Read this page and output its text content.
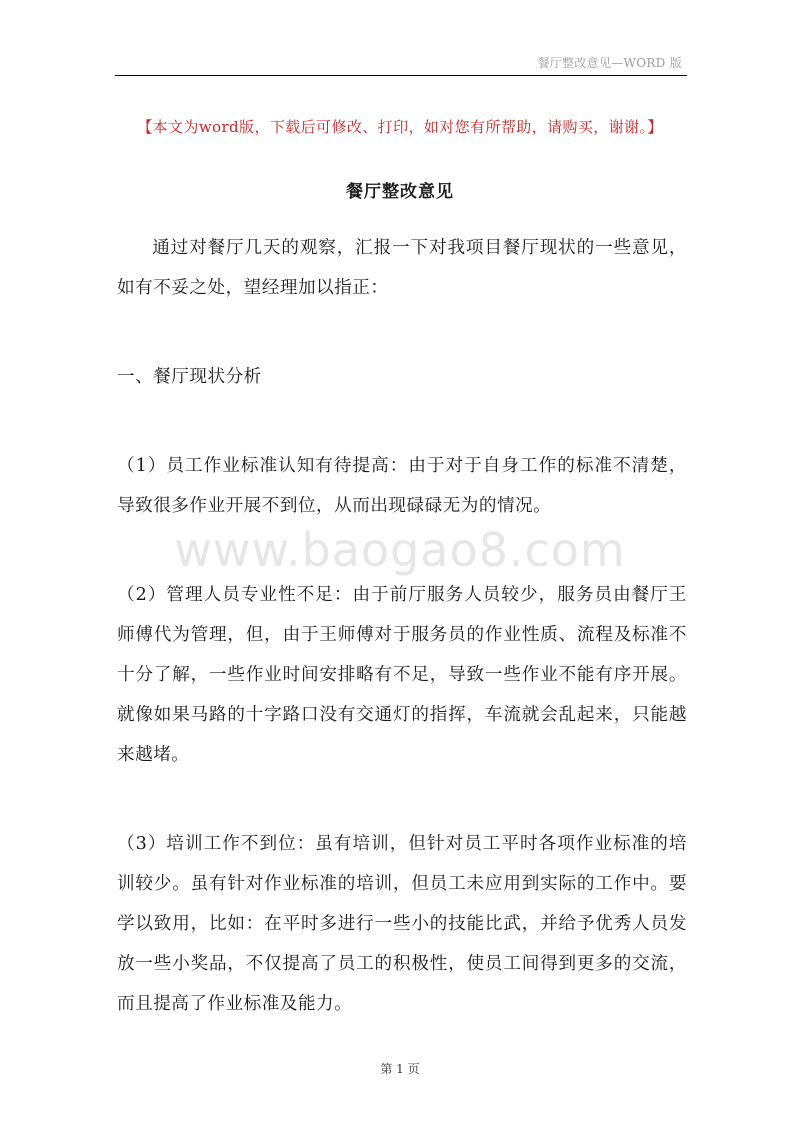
餐厅整改意见—WORD 版
【本文为word版，下载后可修改、打印，如对您有所帮助，请购买，谢谢。】
餐厅整改意见
www.baogao8.com

通过对餐厅几天的观察，汇报一下对我项目餐厅现状的一些意见，如有不妥之处，望经理加以指正：

一、餐厅现状分析

（1）员工作业标准认知有待提高：由于对于自身工作的标准不清楚，导致很多作业开展不到位，从而出现碌碌无为的情况。

（2）管理人员专业性不足：由于前厅服务人员较少，服务员由餐厅王师傅代为管理，但，由于王师傅对于服务员的作业性质、流程及标准不十分了解，一些作业时间安排略有不足，导致一些作业不能有序开展。就像如果马路的十字路口没有交通灯的指挥，车流就会乱起来，只能越来越堵。

（3）培训工作不到位：虽有培训，但针对员工平时各项作业标准的培训较少。虽有针对作业标准的培训，但员工未应用到实际的工作中。要学以致用，比如：在平时多进行一些小的技能比武，并给予优秀人员发放一些小奖品，不仅提高了员工的积极性，使员工间得到更多的交流，而且提高了作业标准及能力。

第 1 页
